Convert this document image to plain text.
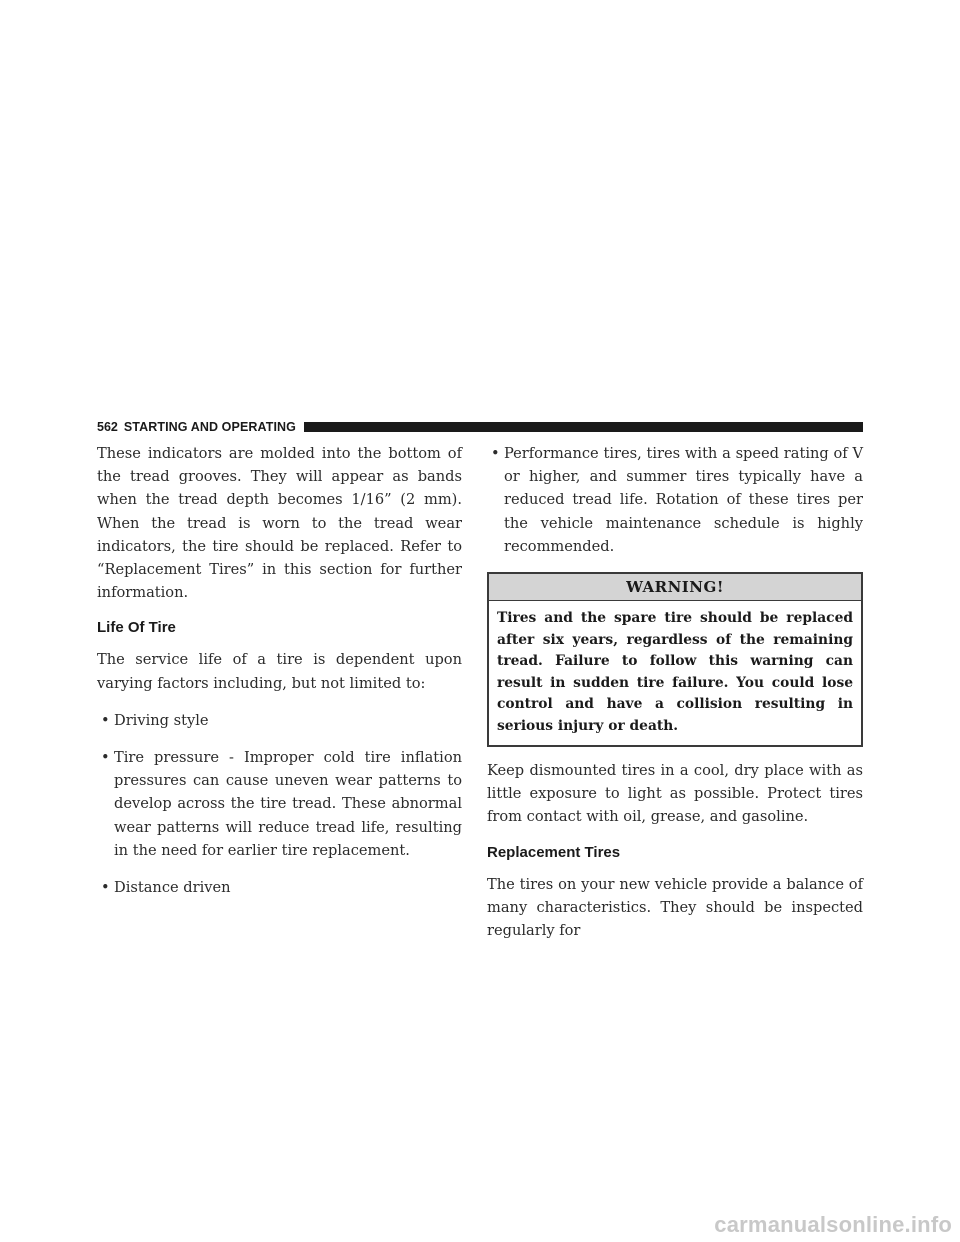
562 STARTING AND OPERATING

These indicators are molded into the bottom of the tread grooves. They will appear as bands when the tread depth becomes 1/16” (2 mm). When the tread is worn to the tread wear indicators, the tire should be replaced. Refer to “Replacement Tires” in this section for further information.

Life Of Tire

The service life of a tire is dependent upon varying factors including, but not limited to:

• Driving style
• Tire pressure - Improper cold tire inflation pressures can cause uneven wear patterns to develop across the tire tread. These abnormal wear patterns will reduce tread life, resulting in the need for earlier tire replacement.
• Distance driven
• Performance tires, tires with a speed rating of V or higher, and summer tires typically have a reduced tread life. Rotation of these tires per the vehicle maintenance schedule is highly recommended.
WARNING!
Tires and the spare tire should be replaced after six years, regardless of the remaining tread. Failure to follow this warning can result in sudden tire failure. You could lose control and have a collision resulting in serious injury or death.

Keep dismounted tires in a cool, dry place with as little exposure to light as possible. Protect tires from contact with oil, grease, and gasoline.

Replacement Tires

The tires on your new vehicle provide a balance of many characteristics. They should be inspected regularly for

carmanualsonline.info
